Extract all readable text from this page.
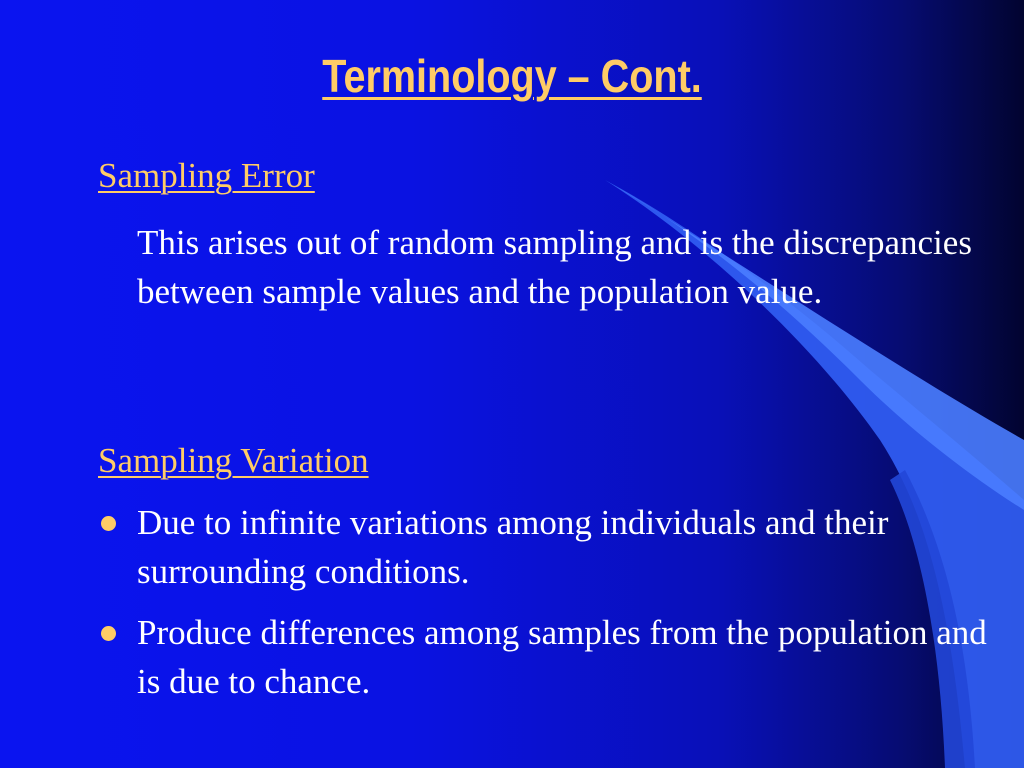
Terminology – Cont.
Sampling Error

This arises out of random sampling and is the discrepancies between sample values and the population value.

Sampling Variation
Due to infinite variations among individuals and their surrounding conditions.
Produce differences among samples from the population and is due to chance.
